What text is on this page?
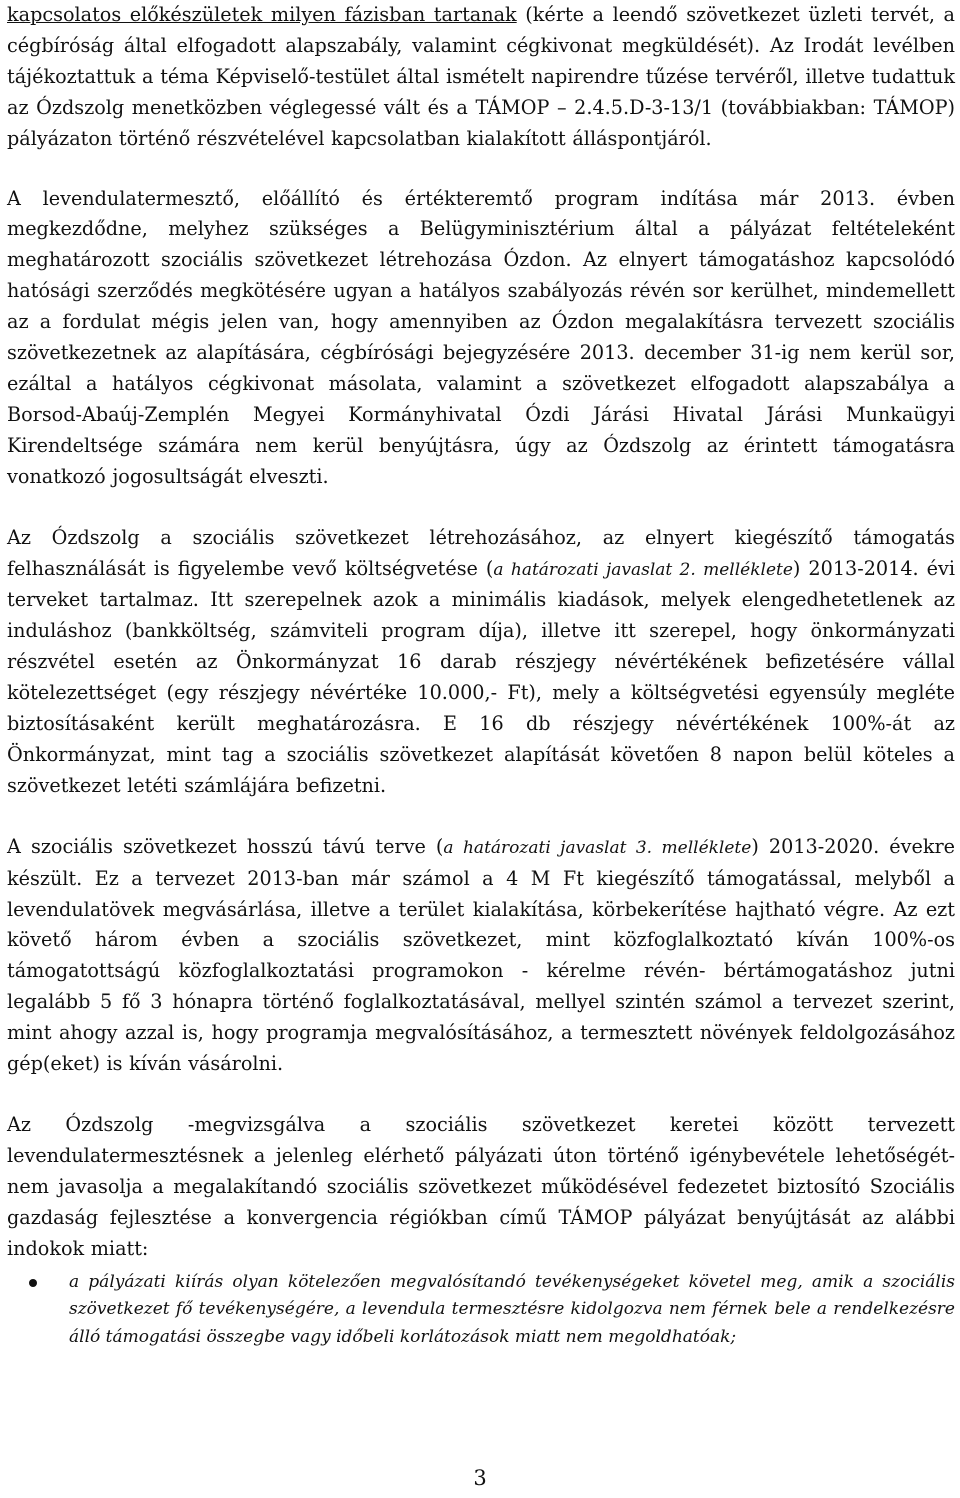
kapcsolatos előkészületek milyen fázisban tartanak (kérte a leendő szövetkezet üzleti tervét, a cégbíróság által elfogadott alapszabály, valamint cégkivonat megküldését). Az Irodát levélben tájékoztattuk a téma Képviselő-testület által ismételt napirendre tűzése tervéről, illetve tudattuk az Ózdszolg menetközben véglegessé vált és a TÁMOP – 2.4.5.D-3-13/1 (továbbiakban: TÁMOP) pályázaton történő részvételével kapcsolatban kialakított álláspontjáról.

A levendulatermesztő, előállító és értékteremtő program indítása már 2013. évben megkezdődne, melyhez szükséges a Belügyminisztérium által a pályázat feltételeként meghatározott szociális szövetkezet létrehozása Ózdon. Az elnyert támogatáshoz kapcsolódó hatósági szerződés megkötésére ugyan a hatályos szabályozás révén sor kerülhet, mindemellett az a fordulat mégis jelen van, hogy amennyiben az Ózdon megalakításra tervezett szociális szövetkezetnek az alapítására, cégbírósági bejegyzésére 2013. december 31-ig nem kerül sor, ezáltal a hatályos cégkivonat másolata, valamint a szövetkezet elfogadott alapszabálya a Borsod-Abaúj-Zemplén Megyei Kormányhivatal Ózdi Járási Hivatal Járási Munkaügyi Kirendeltsége számára nem kerül benyújtásra, úgy az Ózdszolg az érintett támogatásra vonatkozó jogosultságát elveszti.

Az Ózdszolg a szociális szövetkezet létrehozásához, az elnyert kiegészítő támogatás felhasználását is figyelembe vevő költségvetése (a határozati javaslat 2. melléklete) 2013-2014. évi terveket tartalmaz. Itt szerepelnek azok a minimális kiadások, melyek elengedhetetlenek az induláshoz (bankköltség, számviteli program díja), illetve itt szerepel, hogy önkormányzati részvétel esetén az Önkormányzat 16 darab részjegy névértékének befizetésére vállal kötelezettséget (egy részjegy névértéke 10.000,- Ft), mely a költségvetési egyensúly megléte biztosításaként került meghatározásra. E 16 db részjegy névértékének 100%-át az Önkormányzat, mint tag a szociális szövetkezet alapítását követően 8 napon belül köteles a szövetkezet letéti számlájára befizetni.

A szociális szövetkezet hosszú távú terve (a határozati javaslat 3. melléklete) 2013-2020. évekre készült. Ez a tervezet 2013-ban már számol a 4 M Ft kiegészítő támogatással, melyből a levendulatövek megvásárlása, illetve a terület kialakítása, körbekerítése hajtható végre. Az ezt követő három évben a szociális szövetkezet, mint közfoglalkoztató kíván 100%-os támogatottságú közfoglalkoztatási programokon - kérelme révén- bértámogatáshoz jutni legalább 5 fő 3 hónapra történő foglalkoztatásával, mellyel szintén számol a tervezet szerint, mint ahogy azzal is, hogy programja megvalósításához, a termesztett növények feldolgozásához gép(eket) is kíván vásárolni.

Az Ózdszolg -megvizsgálva a szociális szövetkezet keretei között tervezett levendulatermesztésnek a jelenleg elérhető pályázati úton történő igénybevétele lehetőségét- nem javasolja a megalakítandó szociális szövetkezet működésével fedezetet biztosító Szociális gazdaság fejlesztése a konvergencia régiókban című TÁMOP pályázat benyújtását az alábbi indokok miatt:

a pályázati kiírás olyan kötelezően megvalósítandó tevékenységeket követel meg, amik a szociális szövetkezet fő tevékenységére, a levendula termesztésre kidolgozva nem férnek bele a rendelkezésre álló támogatási összegbe vagy időbeli korlátozások miatt nem megoldhatóak;
3
